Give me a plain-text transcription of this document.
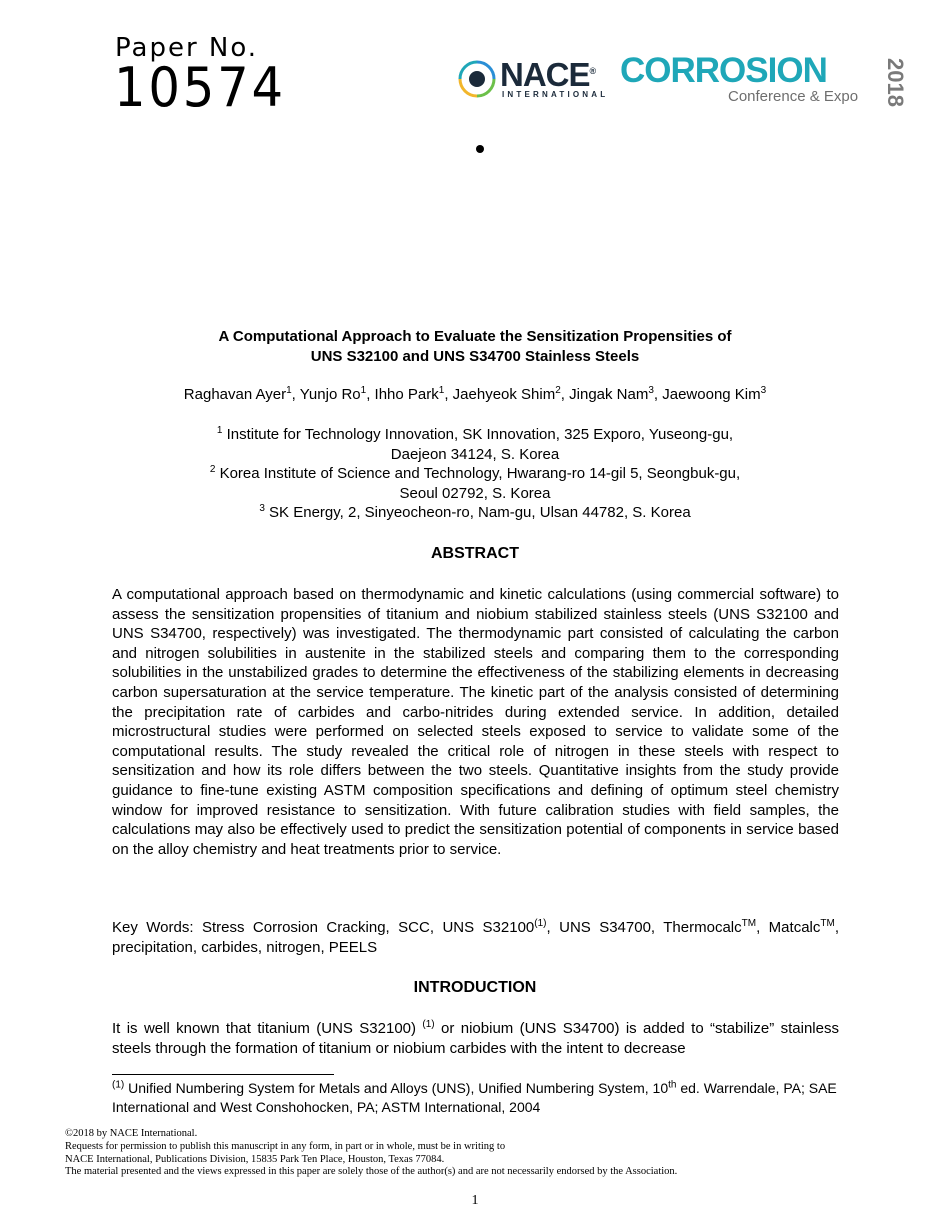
Paper No.
10574	NACE®
INTERNATIONAL
CORROSION
Conference & Expo 2018
A Computational Approach to Evaluate the Sensitization Propensities of
UNS S32100 and UNS S34700 Stainless Steels
Raghavan Ayer$^1$, Yunjo Ro$^1$, Ihho Park$^1$, Jaehyeok Shim$^2$, Jingak Nam$^3$, Jaewoong Kim$^3$
$^1$ Institute for Technology Innovation, SK Innovation, 325 Exporo, Yuseong-gu,
Daejeon 34124, S. Korea
$^2$ Korea Institute of Science and Technology, Hwarang-ro 14-gil 5, Seongbuk-gu,
Seoul 02792, S. Korea
$^3$ SK Energy, 2, Sinyeocheon-ro, Nam-gu, Ulsan 44782, S. Korea
ABSTRACT
A computational approach based on thermodynamic and kinetic calculations (using commercial software) to assess the sensitization propensities of titanium and niobium stabilized stainless steels (UNS S32100 and UNS S34700, respectively) was investigated. The thermodynamic part consisted of calculating the carbon and nitrogen solubilities in austenite in the stabilized steels and comparing them to the corresponding solubilities in the unstabilized grades to determine the effectiveness of the stabilizing elements in decreasing carbon supersaturation at the service temperature. The kinetic part of the analysis consisted of determining the precipitation rate of carbides and carbo-nitrides during extended service. In addition, detailed microstructural studies were performed on selected steels exposed to service to validate some of the computational results. The study revealed the critical role of nitrogen in these steels with respect to sensitization and how its role differs between the two steels. Quantitative insights from the study provide guidance to fine-tune existing ASTM composition specifications and defining of optimum steel chemistry window for improved resistance to sensitization. With future calibration studies with field samples, the calculations may also be effectively used to predict the sensitization potential of components in service based on the alloy chemistry and heat treatments prior to service.
Key Words: Stress Corrosion Cracking, SCC, UNS S32100$^{(1)}$, UNS S34700, Thermocalc™, Matcalc™, precipitation, carbides, nitrogen, PEELS
INTRODUCTION
It is well known that titanium (UNS S32100) $^{(1)}$ or niobium (UNS S34700) is added to “stabilize” stainless steels through the formation of titanium or niobium carbides with the intent to decrease
$^{(1)}$ Unified Numbering System for Metals and Alloys (UNS), Unified Numbering System, 10th ed. Warrendale, PA; SAE International and West Conshohocken, PA; ASTM International, 2004
©2018 by NACE International.
Requests for permission to publish this manuscript in any form, in part or in whole, must be in writing to
NACE International, Publications Division, 15835 Park Ten Place, Houston, Texas 77084.
The material presented and the views expressed in this paper are solely those of the author(s) and are not necessarily endorsed by the Association.
1
